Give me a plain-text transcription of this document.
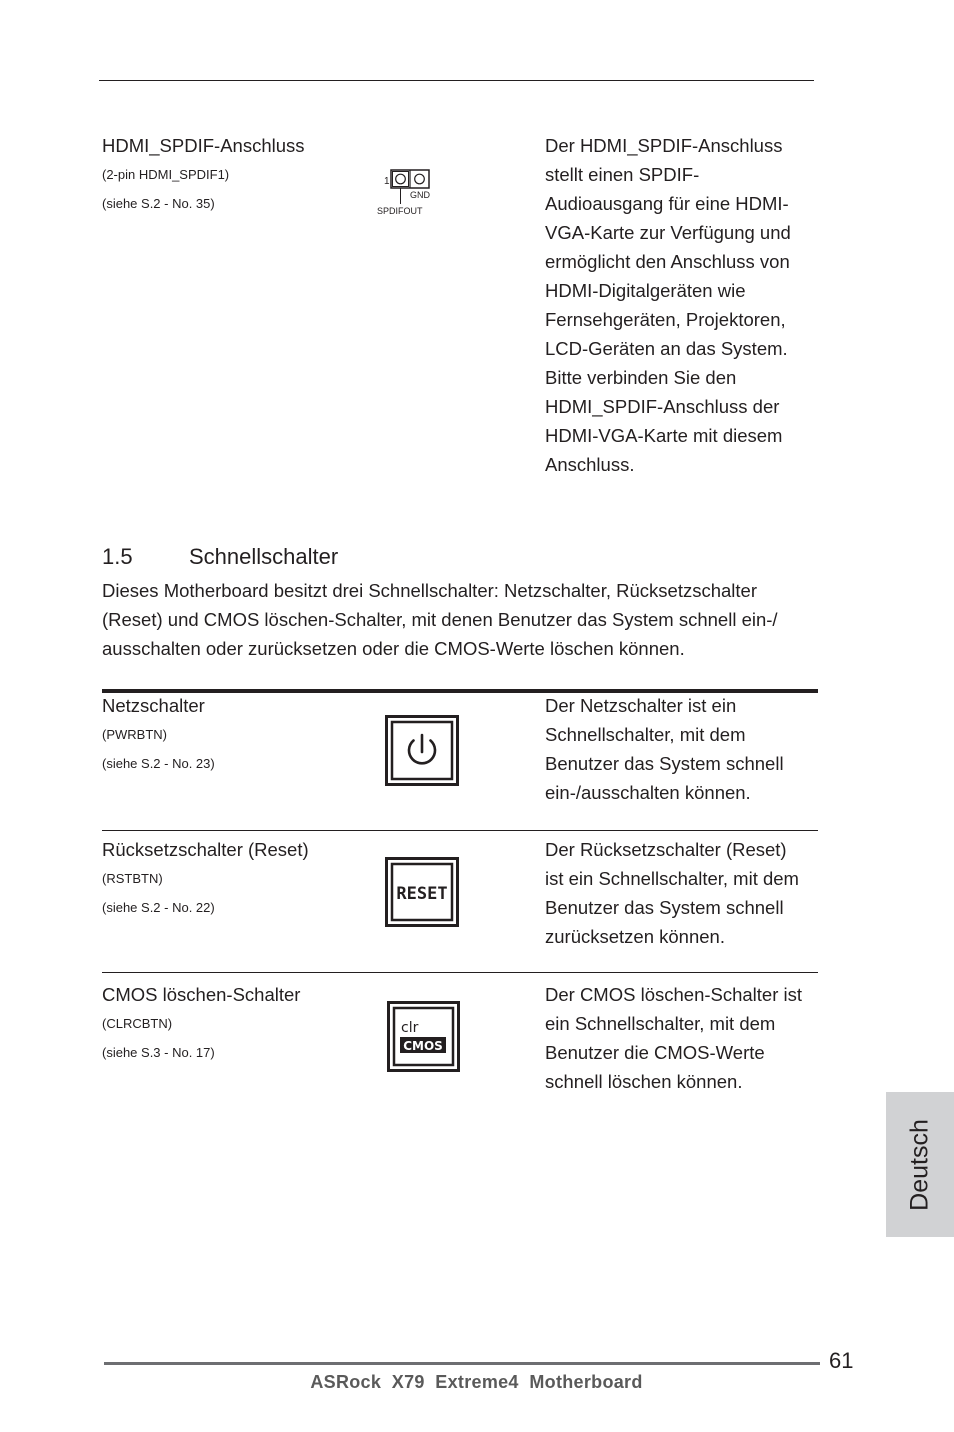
HDMI_SPDIF-Anschluss
(2-pin HDMI_SPDIF1)
(siehe S.2 - No. 35)
1
GND
SPDIFOUT
Der HDMI_SPDIF-Anschluss
stellt einen SPDIF-
Audioausgang für eine HDMI-
VGA-Karte zur Verfügung und
ermöglicht den Anschluss von
HDMI-Digitalgeräten wie
Fernsehgeräten, Projektoren,
LCD-Geräten an das System.
Bitte verbinden Sie den
HDMI_SPDIF-Anschluss der
HDMI-VGA-Karte mit diesem
Anschluss.
1.5	Schnellschalter
Dieses Motherboard besitzt drei Schnellschalter: Netzschalter, Rücksetzschalter
(Reset) und CMOS löschen-Schalter, mit denen Benutzer das System schnell ein-/
ausschalten oder zurücksetzen oder die CMOS-Werte löschen können.
Netzschalter
(PWRBTN)
(siehe S.2 - No. 23)
Der Netzschalter ist ein
Schnellschalter, mit dem
Benutzer das System schnell
ein-/ausschalten können.
Rücksetzschalter (Reset)
(RSTBTN)
(siehe S.2 - No. 22)
RESET
Der Rücksetzschalter (Reset)
ist ein Schnellschalter, mit dem
Benutzer das System schnell
zurücksetzen können.
CMOS löschen-Schalter
(CLRCBTN)
(siehe S.3 - No. 17)
clr
CMOS
Der CMOS löschen-Schalter ist
ein Schnellschalter, mit dem
Benutzer die CMOS-Werte
schnell löschen können.
Deutsch
61
ASRock  X79  Extreme4  Motherboard
